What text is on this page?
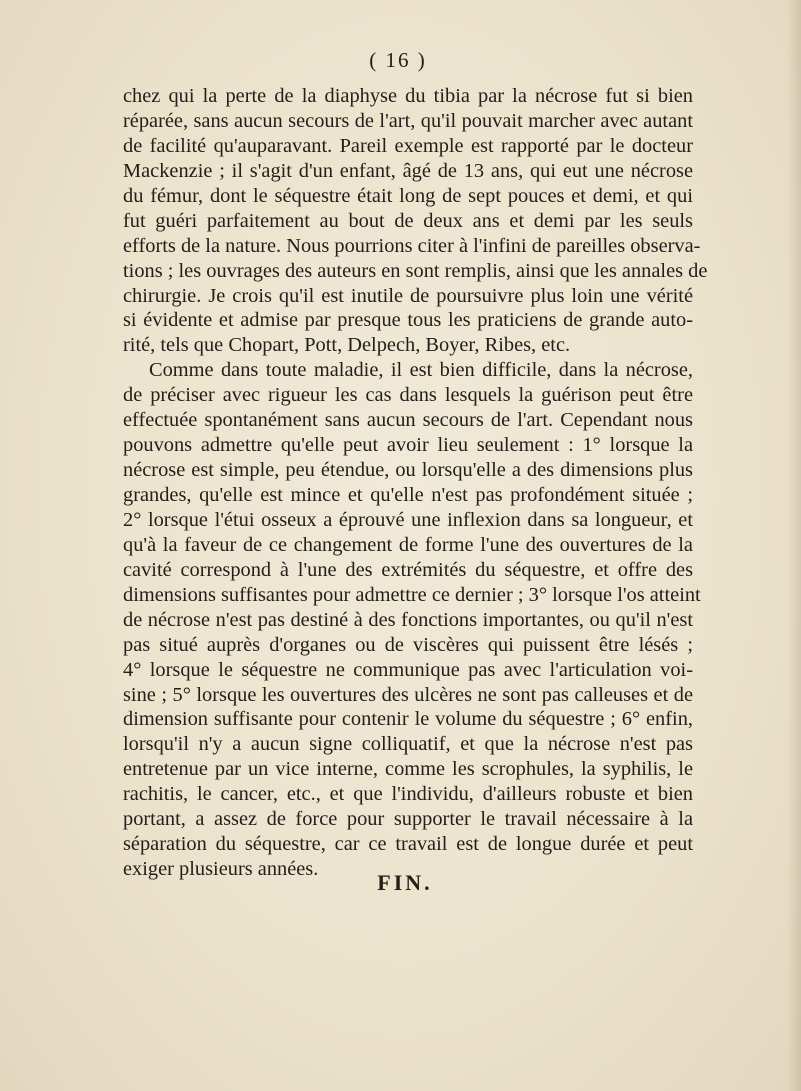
( 16 )
chez qui la perte de la diaphyse du tibia par la nécrose fut si bien
réparée, sans aucun secours de l'art, qu'il pouvait marcher avec autant
de facilité qu'auparavant. Pareil exemple est rapporté par le docteur
Mackenzie ; il s'agit d'un enfant, âgé de 13 ans, qui eut une nécrose
du fémur, dont le séquestre était long de sept pouces et demi, et qui
fut guéri parfaitement au bout de deux ans et demi par les seuls
efforts de la nature. Nous pourrions citer à l'infini de pareilles observa-
tions ; les ouvrages des auteurs en sont remplis, ainsi que les annales de
chirurgie. Je crois qu'il est inutile de poursuivre plus loin une vérité
si évidente et admise par presque tous les praticiens de grande auto-
rité, tels que Chopart, Pott, Delpech, Boyer, Ribes, etc.
Comme dans toute maladie, il est bien difficile, dans la nécrose,
de préciser avec rigueur les cas dans lesquels la guérison peut être
effectuée spontanément sans aucun secours de l'art. Cependant nous
pouvons admettre qu'elle peut avoir lieu seulement : 1° lorsque la
nécrose est simple, peu étendue, ou lorsqu'elle a des dimensions plus
grandes, qu'elle est mince et qu'elle n'est pas profondément située ;
2° lorsque l'étui osseux a éprouvé une inflexion dans sa longueur, et
qu'à la faveur de ce changement de forme l'une des ouvertures de la
cavité correspond à l'une des extrémités du séquestre, et offre des
dimensions suffisantes pour admettre ce dernier ; 3° lorsque l'os atteint
de nécrose n'est pas destiné à des fonctions importantes, ou qu'il n'est
pas situé auprès d'organes ou de viscères qui puissent être lésés ;
4° lorsque le séquestre ne communique pas avec l'articulation voi-
sine ; 5° lorsque les ouvertures des ulcères ne sont pas calleuses et de
dimension suffisante pour contenir le volume du séquestre ; 6° enfin,
lorsqu'il n'y a aucun signe colliquatif, et que la nécrose n'est pas
entretenue par un vice interne, comme les scrophules, la syphilis, le
rachitis, le cancer, etc., et que l'individu, d'ailleurs robuste et bien
portant, a assez de force pour supporter le travail nécessaire à la
séparation du séquestre, car ce travail est de longue durée et peut
exiger plusieurs années.
FIN.
